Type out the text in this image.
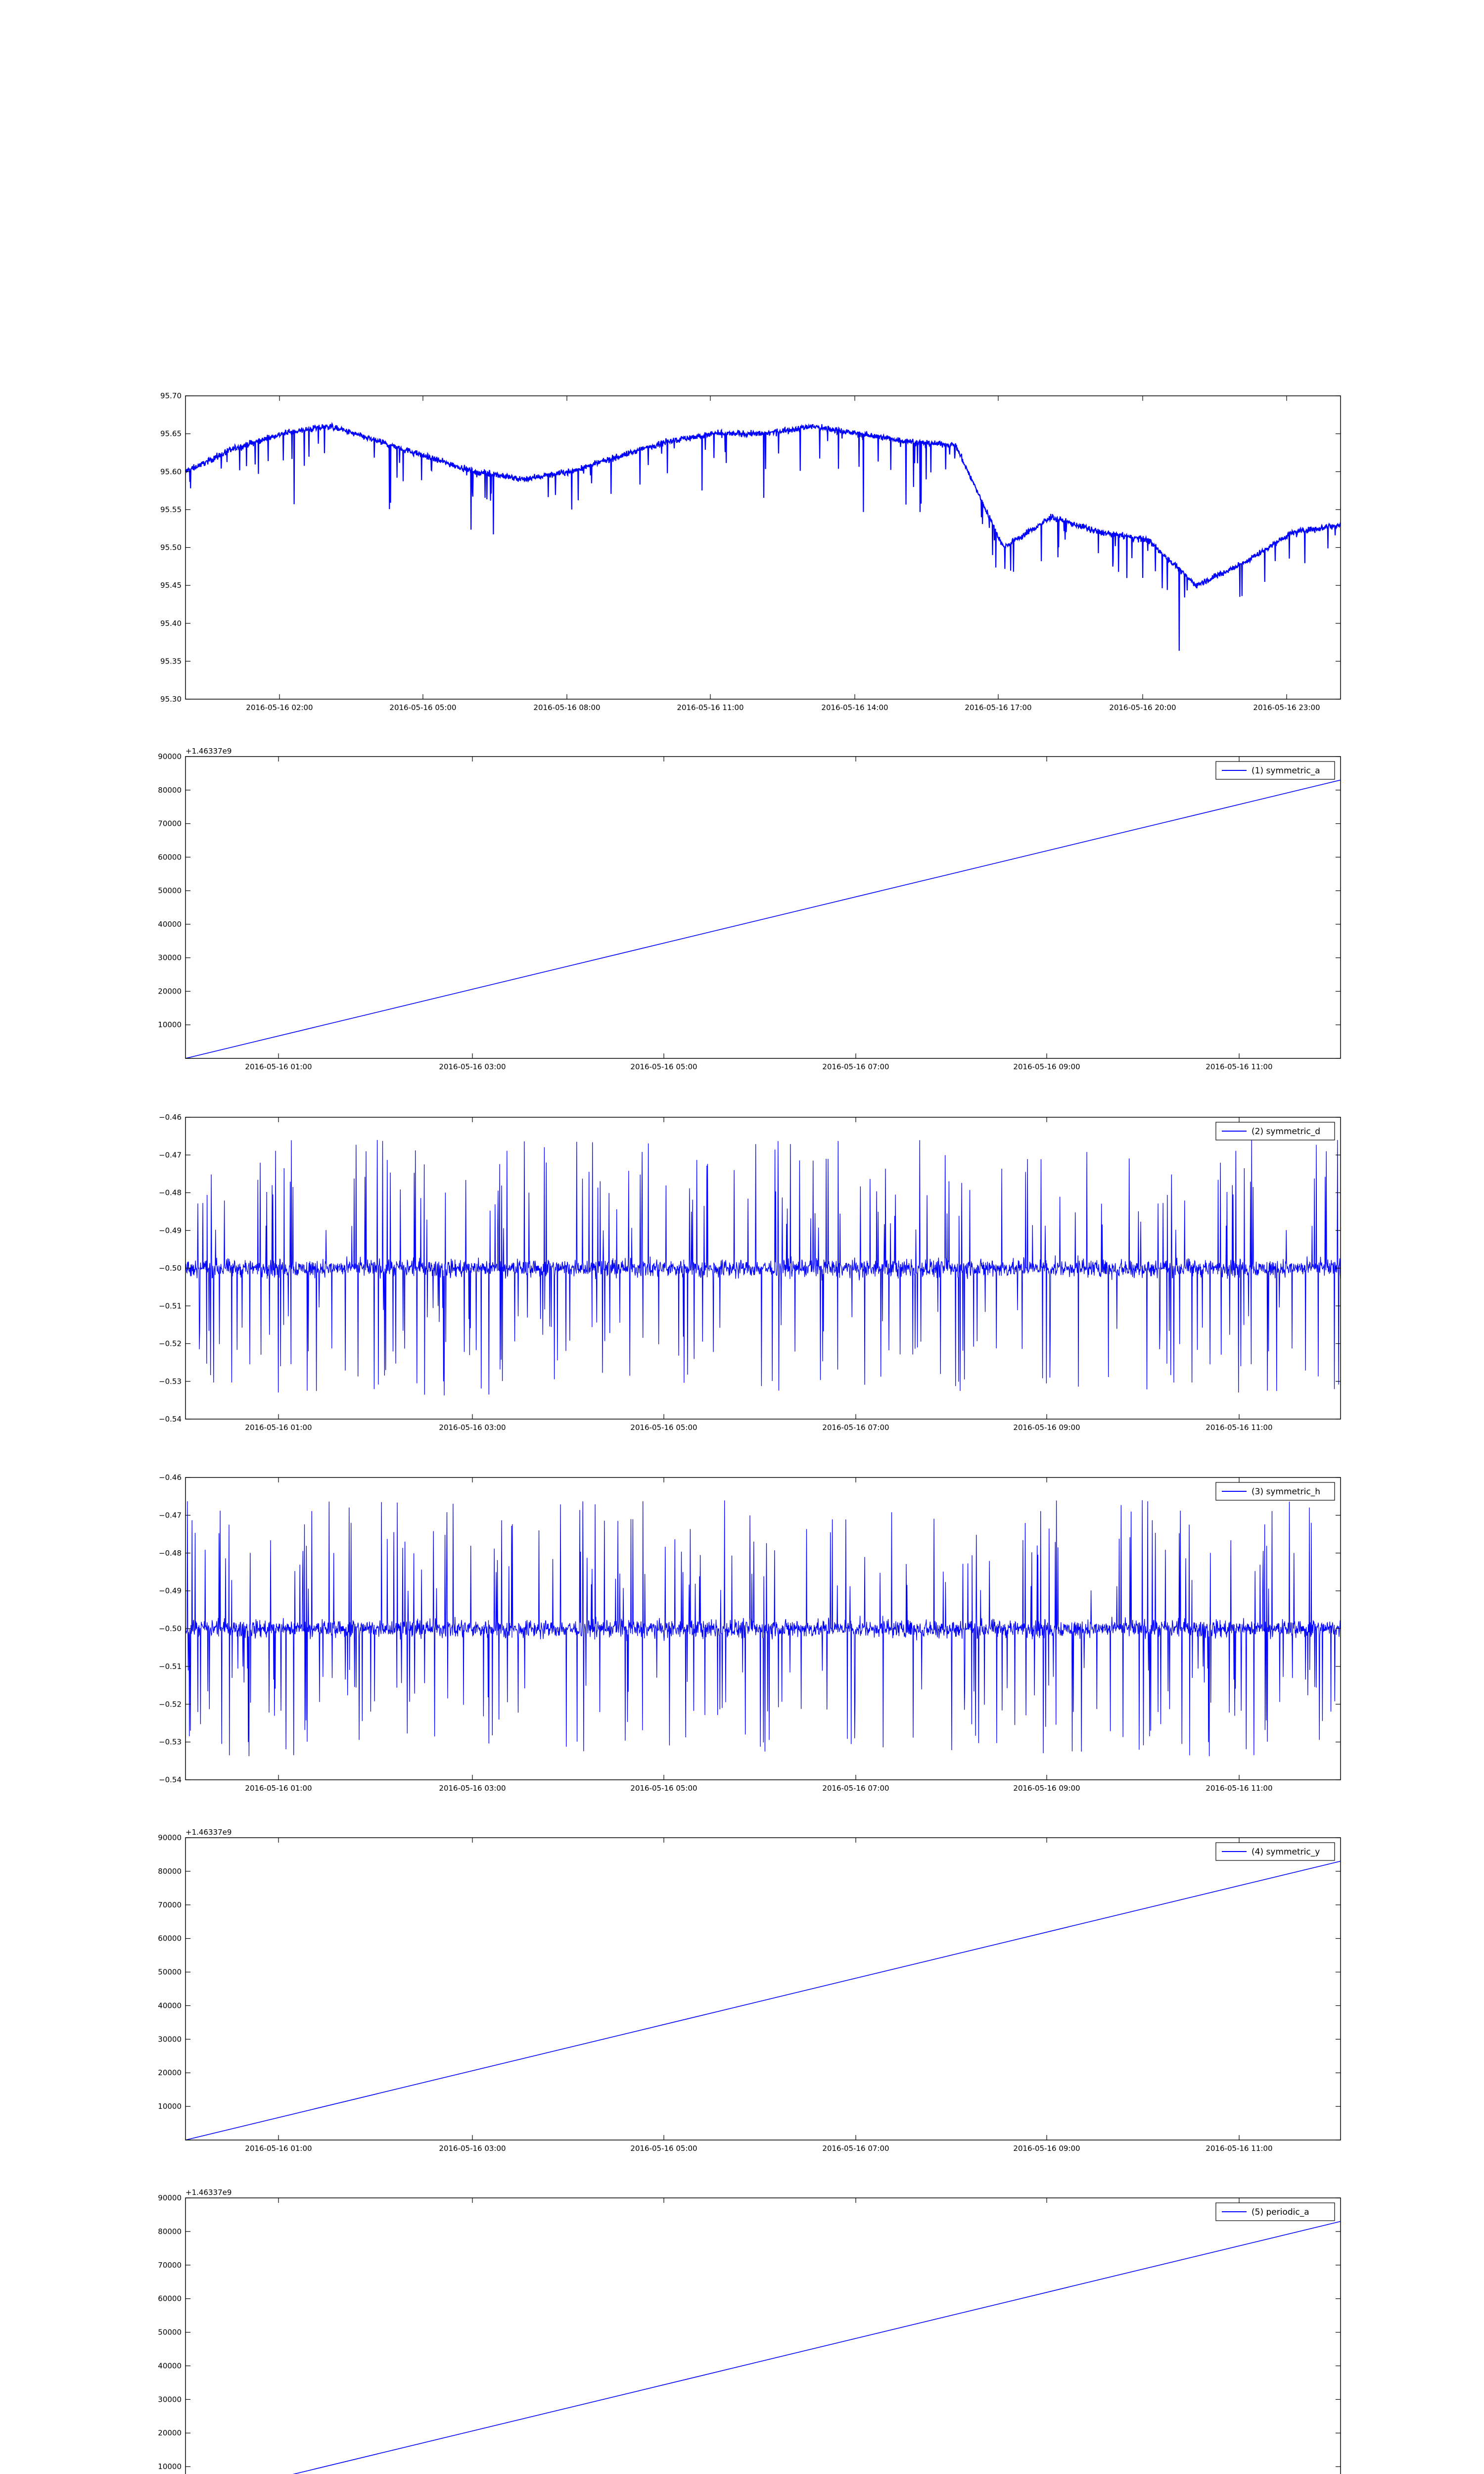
95.30
95.35
95.40
95.45
95.50
95.55
95.60
95.65
95.70
2016-05-16 02:00	2016-05-16 05:00	2016-05-16 08:00	2016-05-16 11:00	2016-05-16 14:00	2016-05-16 17:00	2016-05-16 20:00	2016-05-16 23:00
10000
20000
30000
40000
50000
60000
70000
80000
90000
2016-05-16 01:00	2016-05-16 03:00	2016-05-16 05:00	2016-05-16 07:00	2016-05-16 09:00	2016-05-16 11:00
+1.46337e9
(1) symmetric_a
−0.54
−0.53
−0.52
−0.51
−0.50
−0.49
−0.48
−0.47
−0.46
2016-05-16 01:00	2016-05-16 03:00	2016-05-16 05:00	2016-05-16 07:00	2016-05-16 09:00	2016-05-16 11:00
(2) symmetric_d
−0.54
−0.53
−0.52
−0.51
−0.50
−0.49
−0.48
−0.47
−0.46
2016-05-16 01:00	2016-05-16 03:00	2016-05-16 05:00	2016-05-16 07:00	2016-05-16 09:00	2016-05-16 11:00
(3) symmetric_h
10000
20000
30000
40000
50000
60000
70000
80000
90000
2016-05-16 01:00	2016-05-16 03:00	2016-05-16 05:00	2016-05-16 07:00	2016-05-16 09:00	2016-05-16 11:00
+1.46337e9
(4) symmetric_y
10000
20000
30000
40000
50000
60000
70000
80000
90000
+1.46337e9
(5) periodic_a
